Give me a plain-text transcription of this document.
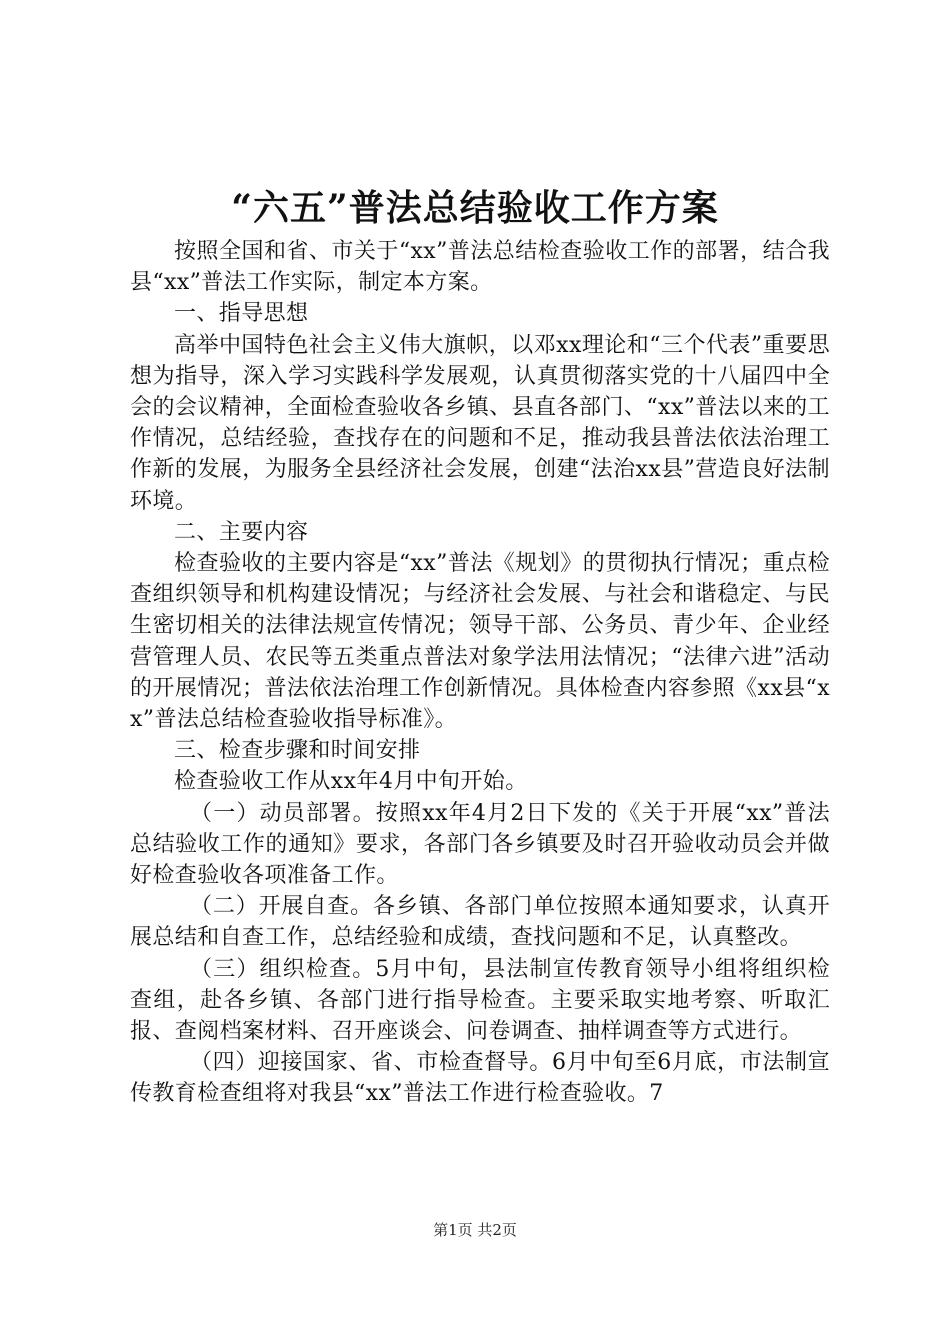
“六五”普法总结验收工作方案

按照全国和省、市关于“xx”普法总结检查验收工作的部署，结合我县“xx”普法工作实际，制定本方案。

一、指导思想

高举中国特色社会主义伟大旗帜，以邓xx理论和“三个代表”重要思想为指导，深入学习实践科学发展观，认真贯彻落实党的十八届四中全会的会议精神，全面检查验收各乡镇、县直各部门、“xx”普法以来的工作情况，总结经验，查找存在的问题和不足，推动我县普法依法治理工作新的发展，为服务全县经济社会发展，创建“法治xx县”营造良好法制环境。

二、主要内容

检查验收的主要内容是“xx”普法《规划》的贯彻执行情况；重点检查组织领导和机构建设情况；与经济社会发展、与社会和谐稳定、与民生密切相关的法律法规宣传情况；领导干部、公务员、青少年、企业经营管理人员、农民等五类重点普法对象学法用法情况；“法律六进”活动的开展情况；普法依法治理工作创新情况。具体检查内容参照《xx县“xx”普法总结检查验收指导标准》。

三、检查步骤和时间安排

检查验收工作从xx年4月中旬开始。

（一）动员部署。按照xx年4月2日下发的《关于开展“xx”普法总结验收工作的通知》要求，各部门各乡镇要及时召开验收动员会并做好检查验收各项准备工作。

（二）开展自查。各乡镇、各部门单位按照本通知要求，认真开展总结和自查工作，总结经验和成绩，查找问题和不足，认真整改。

（三）组织检查。5月中旬，县法制宣传教育领导小组将组织检查组，赴各乡镇、各部门进行指导检查。主要采取实地考察、听取汇报、查阅档案材料、召开座谈会、问卷调查、抽样调查等方式进行。

（四）迎接国家、省、市检查督导。6月中旬至6月底，市法制宣传教育检查组将对我县“xx”普法工作进行检查验收。7

第1页 共2页
